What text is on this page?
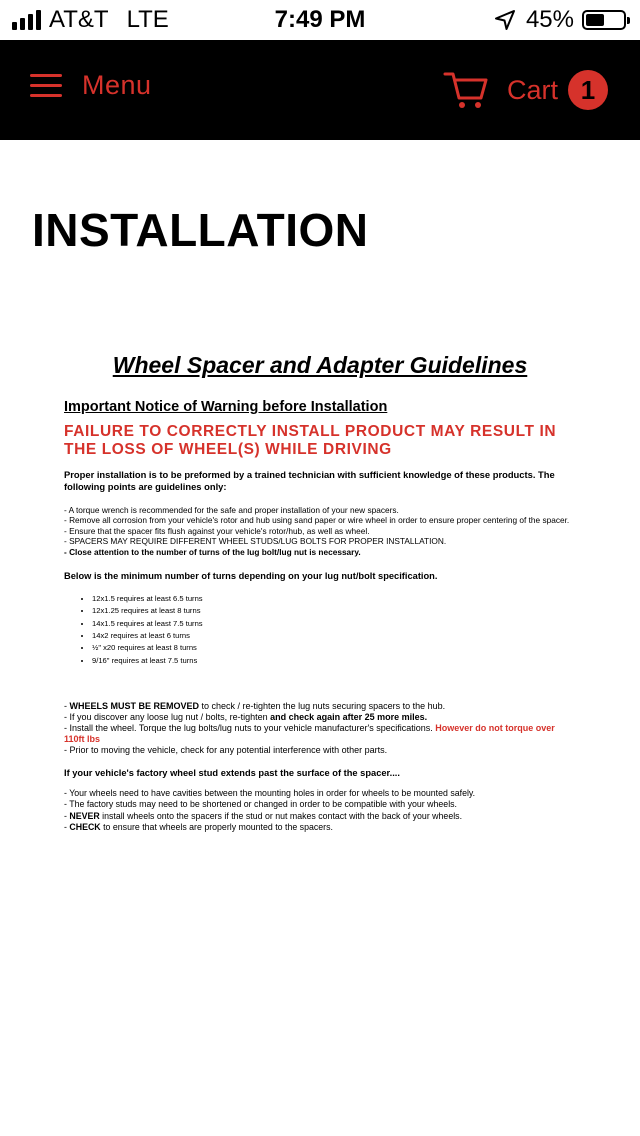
AT&T LTE	7:49 PM	45%
Menu	Cart 1
INSTALLATION
Wheel Spacer and Adapter Guidelines
Important Notice of Warning before Installation
FAILURE TO CORRECTLY INSTALL PRODUCT MAY RESULT IN THE LOSS OF WHEEL(S) WHILE DRIVING
Proper installation is to be preformed by a trained technician with sufficient knowledge of these products. The following points are guidelines only:

- A torque wrench is recommended for the safe and proper installation of your new spacers.

- Remove all corrosion from your vehicle's rotor and hub using sand paper or wire wheel in order to ensure proper centering of the spacer.

- Ensure that the spacer fits flush against your vehicle's rotor/hub, as well as wheel.

- SPACERS MAY REQUIRE DIFFERENT WHEEL STUDS/LUG BOLTS FOR PROPER INSTALLATION.

- Close attention to the number of turns of the lug bolt/lug nut is necessary.

Below is the minimum number of turns depending on your lug nut/bolt specification.
• 12x1.5 requires at least 6.5 turns
• 12x1.25 requires at least 8 turns
• 14x1.5 requires at least 7.5 turns
• 14x2 requires at least 6 turns
• ½" x20 requires at least 8 turns
• 9/16" requires at least 7.5 turns

- WHEELS MUST BE REMOVED to check / re-tighten the lug nuts securing spacers to the hub.

- If you discover any loose lug nut / bolts, re-tighten and check again after 25 more miles.

- Install the wheel. Torque the lug bolts/lug nuts to your vehicle manufacturer's specifications. However do not torque over 110ft lbs

- Prior to moving the vehicle, check for any potential interference with other parts.

If your vehicle's factory wheel stud extends past the surface of the spacer....

- Your wheels need to have cavities between the mounting holes in order for wheels to be mounted safely.

- The factory studs may need to be shortened or changed in order to be compatible with your wheels.

- NEVER install wheels onto the spacers if the stud or nut makes contact with the back of your wheels.

- CHECK to ensure that wheels are properly mounted to the spacers.
